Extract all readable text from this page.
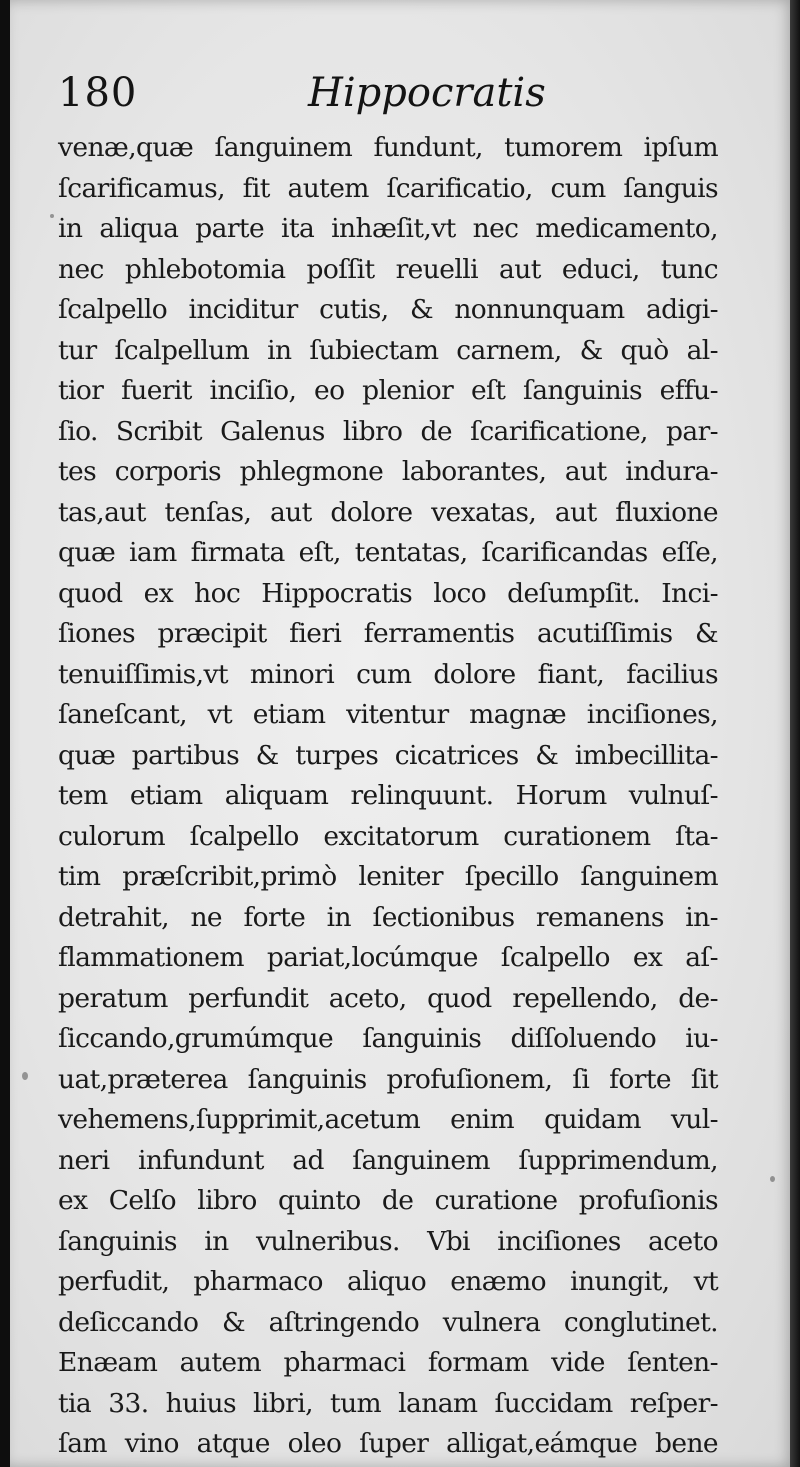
180	Hippocratis
venæ,quæ ſanguinem fundunt, tumorem ipſum
ſcarificamus, fit autem ſcarificatio, cum ſanguis
in aliqua parte ita inhæſit,vt nec medicamento,
nec phlebotomia poſſit reuelli aut educi, tunc
ſcalpello inciditur cutis, & nonnunquam adigi-
tur ſcalpellum in ſubiectam carnem, & quò al-
tior fuerit inciſio, eo plenior eſt ſanguinis effu-
ſio. Scribit Galenus libro de ſcarificatione, par-
tes corporis phlegmone laborantes, aut indura-
tas,aut tenſas, aut dolore vexatas, aut fluxione
quæ iam firmata eſt, tentatas, ſcarificandas eſſe,
quod ex hoc Hippocratis loco deſumpſit. Inci-
ſiones præcipit fieri ferramentis acutiſſimis &
tenuiſſimis,vt minori cum dolore fiant, facilius
ſaneſcant, vt etiam vitentur magnæ inciſiones,
quæ partibus & turpes cicatrices & imbecillita-
tem etiam aliquam relinquunt. Horum vulnuſ-
culorum ſcalpello excitatorum curationem ſta-
tim præſcribit,primò leniter ſpecillo ſanguinem
detrahit, ne forte in ſectionibus remanens in-
flammationem pariat,locúmque ſcalpello ex aſ-
peratum perfundit aceto, quod repellendo, de-
ſiccando,grumúmque ſanguinis diſſoluendo iu-
uat,præterea ſanguinis profuſionem, ſi forte ſit
vehemens,ſupprimit,acetum enim quidam vul-
neri infundunt ad ſanguinem ſupprimendum,
ex Celſo libro quinto de curatione profuſionis
ſanguinis in vulneribus. Vbi inciſiones aceto
perfudit, pharmaco aliquo enæmo inungit, vt
deſiccando & aſtringendo vulnera conglutinet.
Enæam autem pharmaci formam vide ſenten-
tia 33. huius libri, tum lanam ſuccidam reſper-
ſam vino atque oleo ſuper alligat,eámque bene
